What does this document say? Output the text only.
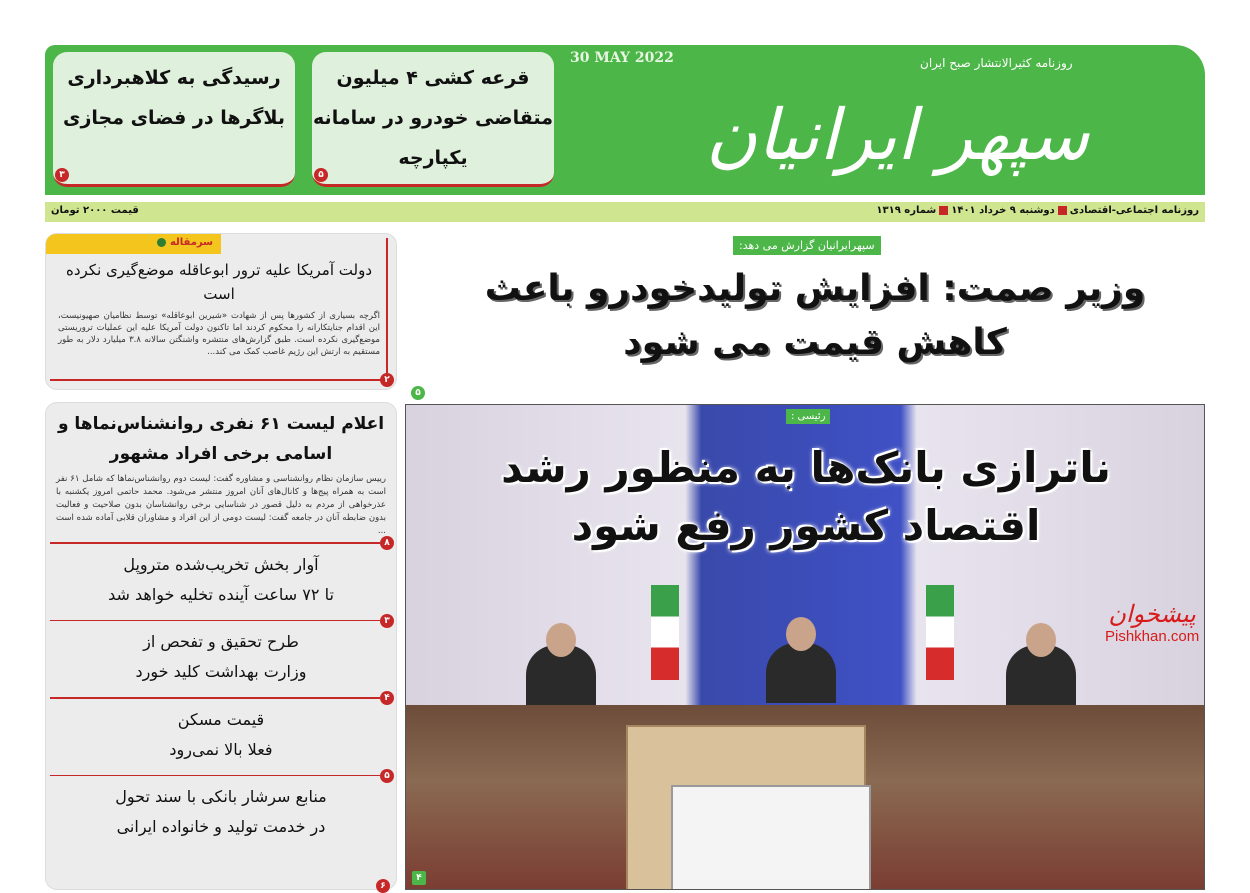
سپهر ایرانیان
30 MAY 2022	روزنامه کثیرالانتشار صبح ایران
قرعه کشی ۴ میلیون متقاضی خودرو در سامانه یکپارچه
۵
رسیدگی به کلاهبرداری بلاگرها در فضای مجازی
۳
روزنامه اجتماعی-اقتصادیدوشنبه ۹ خرداد ۱۴۰۱شماره ۱۳۱۹
قیمت ۲۰۰۰ تومان
سرمقاله
۲
دولت آمریکا علیه ترور ابوعاقله موضع‌گیری نکرده است
اگرچه بسیاری از کشورها پس از شهادت «شیرین ابوعاقله» توسط نظامیان صهیونیست، این اقدام جنایتکارانه را محکوم کردند اما تاکنون دولت آمریکا علیه این عملیات تروریستی موضع‌گیری نکرده است. طبق گزارش‌های منتشره واشنگتن سالانه ۳.۸ میلیارد دلار به طور مستقیم به ارتش این رژیم غاصب کمک می کند...
اعلام لیست ۶۱ نفری روانشناس‌نماها و اسامی برخی افراد مشهور
رییس سازمان نظام روانشناسی و مشاوره گفت: لیست دوم روانشناس‌نماها که شامل ۶۱ نفر است به همراه پیج‌ها و کانال‌های آنان امروز منتشر می‌شود. محمد حاتمی امروز یکشنبه با عذرخواهی از مردم به دلیل قصور در شناسایی برخی روانشناسان بدون صلاحیت و فعالیت بدون ضابطه آنان در جامعه گفت: لیست دومی از این افراد و مشاوران قلابی آماده شده است ...
۸
آوار بخش تخریب‌شده متروپل
تا ۷۲ ساعت آینده تخلیه خواهد شد
۳
طرح تحقیق و تفحص از
وزارت بهداشت کلید خورد
۴
قیمت مسکن
فعلا بالا نمی‌رود
۵
منابع سرشار بانکی با سند تحول
در خدمت تولید و خانواده ایرانی
۶
سپهرایرانیان گزارش می دهد:
وزیر صمت: افزایش تولیدخودرو باعث کاهش قیمت می شود
۵
رئیسی :
ناترازی بانک‌ها به منظور رشد اقتصاد کشور رفع شود
۴
پیشخوان
Pishkhan.com
